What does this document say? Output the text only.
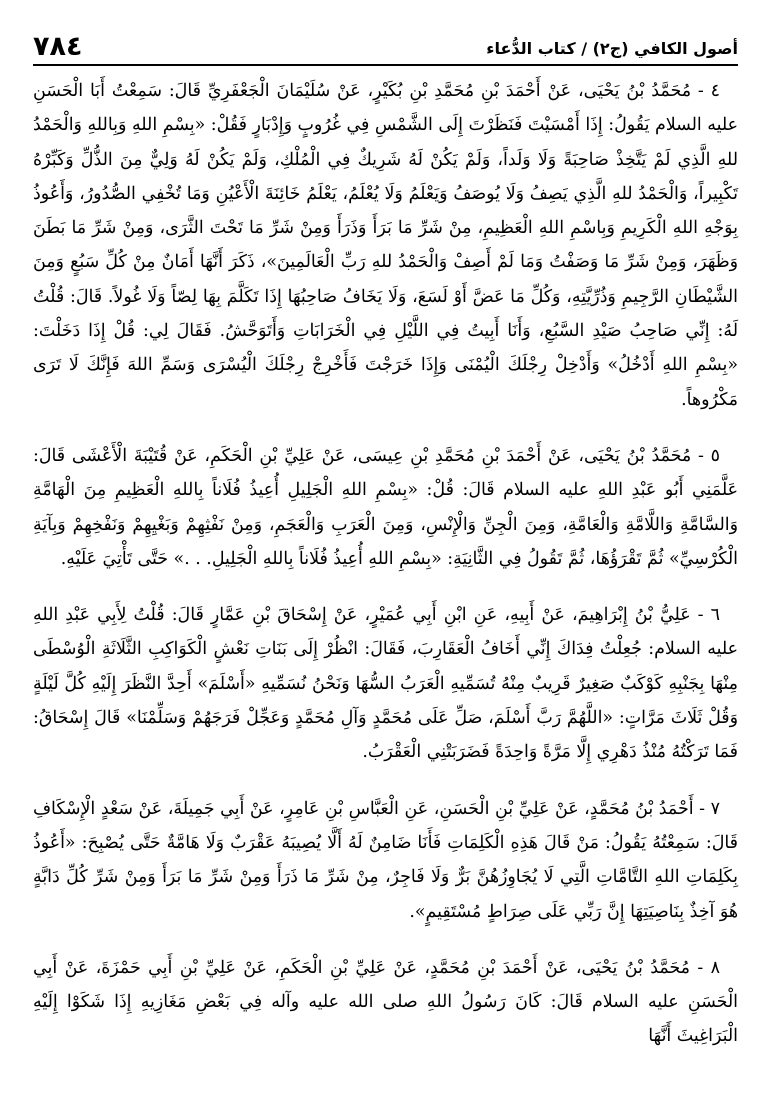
أصول الكافي (ج٢) / كتاب الدُّعاء
٧٨٤

٤ - مُحَمَّدُ بْنُ يَحْيَى، عَنْ أَحْمَدَ بْنِ مُحَمَّدِ بْنِ بُكَيْرٍ، عَنْ سُلَيْمَانَ الْجَعْفَرِيِّ قَالَ: سَمِعْتُ أَبَا الْحَسَنِ عليه السلام يَقُولُ: إِذَا أَمْسَيْتَ فَنَظَرْتَ إِلَى الشَّمْسِ فِي غُرُوبٍ وَإِدْبَارٍ فَقُلْ: «بِسْمِ اللهِ وَبِاللهِ وَالْحَمْدُ للهِ الَّذِي لَمْ يَتَّخِذْ صَاحِبَةً وَلَا وَلَداً، وَلَمْ يَكُنْ لَهُ شَرِيكٌ فِي الْمُلْكِ، وَلَمْ يَكُنْ لَهُ وَلِيٌّ مِنَ الذُّلِّ وَكَبِّرْهُ تَكْبِيراً، وَالْحَمْدُ للهِ الَّذِي يَصِفُ وَلَا يُوصَفُ وَيَعْلَمُ وَلَا يُعْلَمُ، يَعْلَمُ خَائِنَةَ الْأَعْيُنِ وَمَا تُخْفِي الصُّدُورُ، وَأَعُوذُ بِوَجْهِ اللهِ الْكَرِيمِ وَبِاسْمِ اللهِ الْعَظِيمِ، مِنْ شَرِّ مَا بَرَأَ وَذَرَأَ وَمِنْ شَرِّ مَا تَحْتَ الثَّرَى، وَمِنْ شَرِّ مَا بَطَنَ وَظَهَرَ، وَمِنْ شَرِّ مَا وَصَفْتُ وَمَا لَمْ أَصِفْ وَالْحَمْدُ للهِ رَبِّ الْعَالَمِينَ»، ذَكَرَ أَنَّهَا أَمَانٌ مِنْ كُلِّ سَبُعٍ وَمِنَ الشَّيْطَانِ الرَّجِيمِ وَذُرِّيَّتِهِ، وَكُلِّ مَا عَضَّ أَوْ لَسَعَ، وَلَا يَخَافُ صَاحِبُهَا إِذَا تَكَلَّمَ بِهَا لِصّاً وَلَا غُولاً. قَالَ: قُلْتُ لَهُ: إِنِّي صَاحِبُ صَيْدِ السَّبُعِ، وَأَنَا أَبِيتُ فِي اللَّيْلِ فِي الْخَرَابَاتِ وَأَتَوَحَّشُ. فَقَالَ لِي: قُلْ إِذَا دَخَلْتَ: «بِسْمِ اللهِ أَدْخُلُ» وَأَدْخِلْ رِجْلَكَ الْيُمْنَى وَإِذَا خَرَجْتَ فَأَخْرِجْ رِجْلَكَ الْيُسْرَى وَسَمِّ اللهَ فَإِنَّكَ لَا تَرَى مَكْرُوهاً.

٥ - مُحَمَّدُ بْنُ يَحْيَى، عَنْ أَحْمَدَ بْنِ مُحَمَّدِ بْنِ عِيسَى، عَنْ عَلِيِّ بْنِ الْحَكَمِ، عَنْ قُتَيْبَةَ الْأَعْشَى قَالَ: عَلَّمَنِي أَبُو عَبْدِ اللهِ عليه السلام قَالَ: قُلْ: «بِسْمِ اللهِ الْجَلِيلِ أُعِيذُ فُلَاناً بِاللهِ الْعَظِيمِ مِنَ الْهَامَّةِ وَالسَّامَّةِ وَاللَّامَّةِ وَالْعَامَّةِ، وَمِنَ الْجِنِّ وَالْإِنْسِ، وَمِنَ الْعَرَبِ وَالْعَجَمِ، وَمِنْ نَفْثِهِمْ وَبَغْيِهِمْ وَنَفْخِهِمْ وَبِآيَةِ الْكُرْسِيِّ» ثُمَّ تَقْرَؤُهَا، ثُمَّ تَقُولُ فِي الثَّانِيَةِ: «بِسْمِ اللهِ أُعِيذُ فُلَاناً بِاللهِ الْجَلِيلِ. . .» حَتَّى تَأْتِيَ عَلَيْهِ.

٦ - عَلِيُّ بْنُ إِبْرَاهِيمَ، عَنْ أَبِيهِ، عَنِ ابْنِ أَبِي عُمَيْرٍ، عَنْ إِسْحَاقَ بْنِ عَمَّارٍ قَالَ: قُلْتُ لِأَبِي عَبْدِ اللهِ عليه السلام: جُعِلْتُ فِدَاكَ إِنِّي أَخَافُ الْعَقَارِبَ، فَقَالَ: انْظُرْ إِلَى بَنَاتِ نَعْشٍ الْكَوَاكِبِ الثَّلَاثَةِ الْوُسْطَى مِنْهَا بِجَنْبِهِ كَوْكَبٌ صَغِيرٌ قَرِيبٌ مِنْهُ تُسَمِّيهِ الْعَرَبُ السُّهَا وَنَحْنُ نُسَمِّيهِ «أَسْلَمَ» أَحِدَّ النَّظَرَ إِلَيْهِ كُلَّ لَيْلَةٍ وَقُلْ ثَلَاثَ مَرَّاتٍ: «اللَّهُمَّ رَبَّ أَسْلَمَ، صَلِّ عَلَى مُحَمَّدٍ وَآلِ مُحَمَّدٍ وَعَجِّلْ فَرَجَهُمْ وَسَلِّمْنَا» قَالَ إِسْحَاقُ: فَمَا تَرَكْتُهُ مُنْذُ دَهْرِي إِلَّا مَرَّةً وَاحِدَةً فَضَرَبَتْنِي الْعَقْرَبُ.

٧ - أَحْمَدُ بْنُ مُحَمَّدٍ، عَنْ عَلِيِّ بْنِ الْحَسَنِ، عَنِ الْعَبَّاسِ بْنِ عَامِرٍ، عَنْ أَبِي جَمِيلَةَ، عَنْ سَعْدٍ الْإِسْكَافِ قَالَ: سَمِعْتُهُ يَقُولُ: مَنْ قَالَ هَذِهِ الْكَلِمَاتِ فَأَنَا ضَامِنٌ لَهُ أَلَّا يُصِيبَهُ عَقْرَبٌ وَلَا هَامَّةٌ حَتَّى يُصْبِحَ: «أَعُوذُ بِكَلِمَاتِ اللهِ التَّامَّاتِ الَّتِي لَا يُجَاوِزُهُنَّ بَرٌّ وَلَا فَاجِرٌ، مِنْ شَرِّ مَا ذَرَأَ وَمِنْ شَرِّ مَا بَرَأَ وَمِنْ شَرِّ كُلِّ دَابَّةٍ هُوَ آخِذٌ بِنَاصِيَتِهَا إِنَّ رَبِّي عَلَى صِرَاطٍ مُسْتَقِيمٍ».

٨ - مُحَمَّدُ بْنُ يَحْيَى، عَنْ أَحْمَدَ بْنِ مُحَمَّدٍ، عَنْ عَلِيِّ بْنِ الْحَكَمِ، عَنْ عَلِيِّ بْنِ أَبِي حَمْزَةَ، عَنْ أَبِي الْحَسَنِ عليه السلام قَالَ: كَانَ رَسُولُ اللهِ صلى الله عليه وآله فِي بَعْضِ مَغَازِيهِ إِذَا شَكَوْا إِلَيْهِ الْبَرَاغِيثَ أَنَّهَا
